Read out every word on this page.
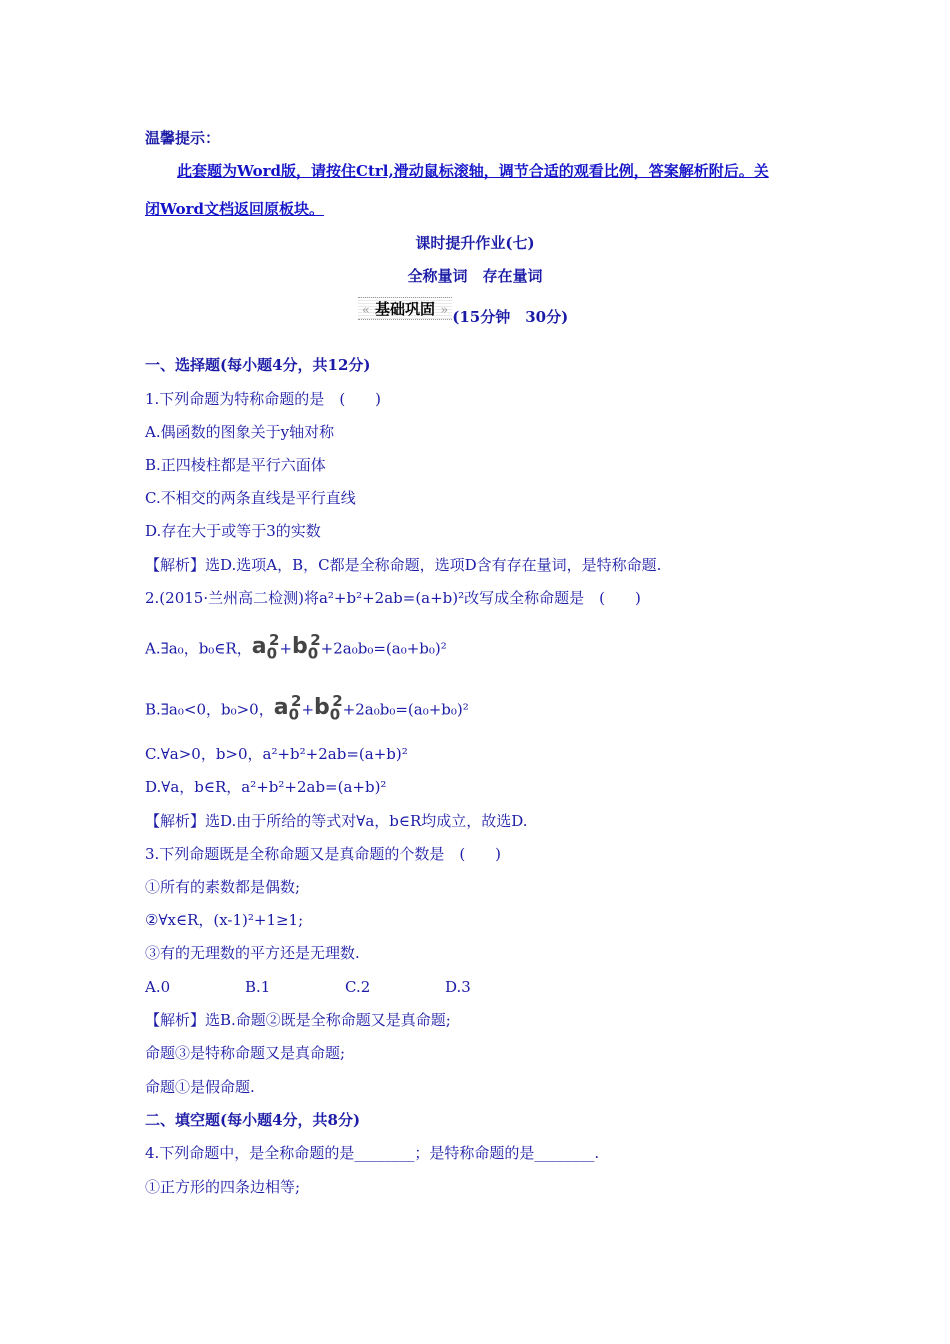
温馨提示：
此套题为Word版，请按住Ctrl,滑动鼠标滚轴，调节合适的观看比例，答案解析附后。关
闭Word文档返回原板块。
课时提升作业(七)
全称量词　存在量词
« 基础巩固 » (15分钟　30分)
一、选择题(每小题4分，共12分)
1.下列命题为特称命题的是　(　　)
A.偶函数的图象关于y轴对称
B.正四棱柱都是平行六面体
C.不相交的两条直线是平行直线
D.存在大于或等于3的实数
【解析】选D.选项A，B，C都是全称命题，选项D含有存在量词，是特称命题.
2.(2015·兰州高二检测)将a²+b²+2ab=(a+b)²改写成全称命题是　(　　)
A.∃a₀，b₀∈R，$a_0^2+b_0^2+2a_0b_0=(a_0+b_0)^2$
B.∃a₀<0，b₀>0，$a_0^2+b_0^2+2a_0b_0=(a_0+b_0)^2$
C.∀a>0，b>0，a²+b²+2ab=(a+b)²
D.∀a，b∈R，a²+b²+2ab=(a+b)²
【解析】选D.由于所给的等式对∀a，b∈R均成立，故选D.
3.下列命题既是全称命题又是真命题的个数是　(　　)
①所有的素数都是偶数;
②∀x∈R，(x-1)²+1≥1;
③有的无理数的平方还是无理数.
A.0	B.1	C.2	D.3
【解析】选B.命题②既是全称命题又是真命题;
命题③是特称命题又是真命题;
命题①是假命题.
二、填空题(每小题4分，共8分)
4.下列命题中，是全称命题的是________；是特称命题的是________.
①正方形的四条边相等;
